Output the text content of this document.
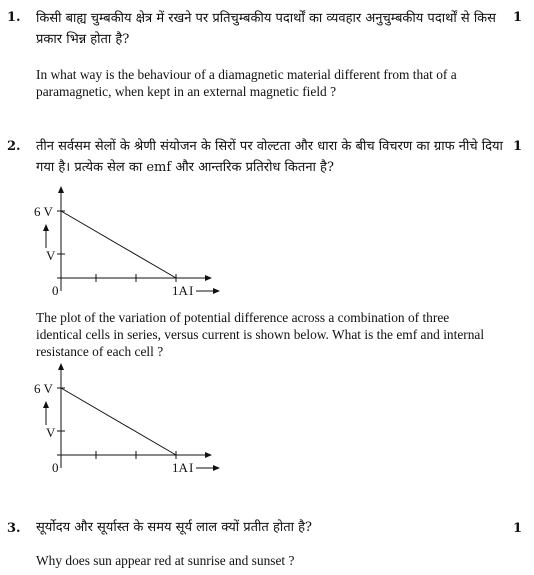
1.	1
किसी बाह्य चुम्बकीय क्षेत्र में रखने पर प्रतिचुम्बकीय पदार्थों का व्यवहार अनुचुम्बकीय पदार्थों से किस प्रकार भिन्न होता है?
In what way is the behaviour of a diamagnetic material different from that of a paramagnetic, when kept in an external magnetic field ?
2.	1
तीन सर्वसम सेलों के श्रेणी संयोजन के सिरों पर वोल्टता और धारा के बीच विचरण का ग्राफ नीचे दिया गया है। प्रत्येक सेल का emf और आन्तरिक प्रतिरोध कितना है?
6 V
V
0	1A I
The plot of the variation of potential difference across a combination of three identical cells in series, versus current is shown below. What is the emf and internal resistance of each cell ?
6 V
V
0	1A I
3.	1
सूर्योदय और सूर्यास्त के समय सूर्य लाल क्यों प्रतीत होता है?
Why does sun appear red at sunrise and sunset ?
